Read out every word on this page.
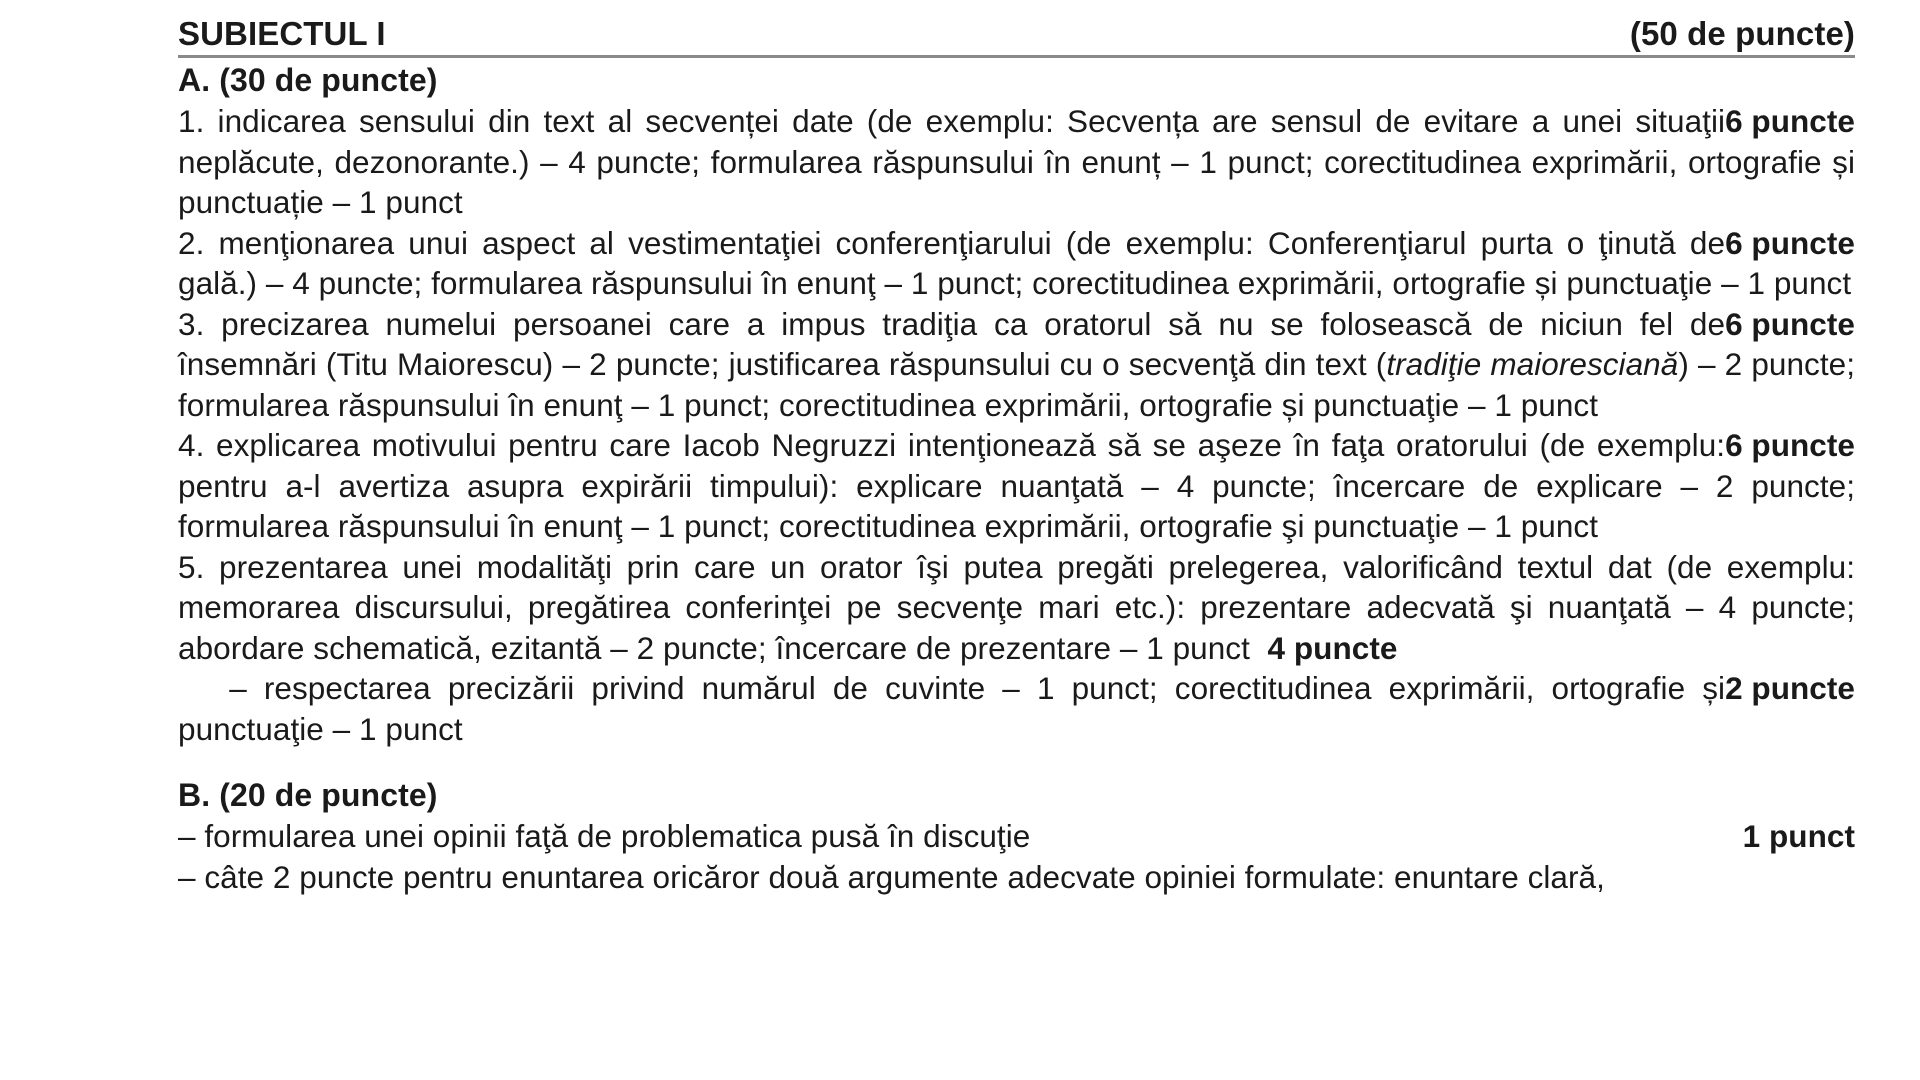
SUBIECTUL I	(50 de puncte)
A. (30 de puncte)
6 puncte
1. indicarea sensului din text al secvenței date (de exemplu: Secvența are sensul de evitare a unei situaţii neplăcute, dezonorante.) – 4 puncte; formularea răspunsului în enunț – 1 punct; corectitudinea exprimării, ortografie și punctuație – 1 punct
6 puncte
2. menţionarea unui aspect al vestimentaţiei conferenţiarului (de exemplu: Conferenţiarul purta o ţinută de gală.) – 4 puncte; formularea răspunsului în enunţ – 1 punct; corectitudinea exprimării, ortografie și punctuaţie – 1 punct
6 puncte
3. precizarea numelui persoanei care a impus tradiţia ca oratorul să nu se folosească de niciun fel de însemnări (Titu Maiorescu) – 2 puncte; justificarea răspunsului cu o secvenţă din text (tradiţie maioresciană) – 2 puncte; formularea răspunsului în enunţ – 1 punct; corectitudinea exprimării, ortografie și punctuaţie – 1 punct
6 puncte
4. explicarea motivului pentru care Iacob Negruzzi intenţionează să se aşeze în faţa oratorului (de exemplu: pentru a-l avertiza asupra expirării timpului): explicare nuanţată – 4 puncte; încercare de explicare – 2 puncte; formularea răspunsului în enunţ – 1 punct; corectitudinea exprimării, ortografie şi punctuaţie – 1 punct
5. prezentarea unei modalităţi prin care un orator îşi putea pregăti prelegerea, valorificând textul dat (de exemplu: memorarea discursului, pregătirea conferinţei pe secvenţe mari etc.): prezentare adecvată şi nuanţată – 4 puncte; abordare schematică, ezitantă – 2 puncte; încercare de prezentare – 1 punct 4 puncte
2 puncte
– respectarea precizării privind numărul de cuvinte – 1 punct; corectitudinea exprimării, ortografie și punctuaţie – 1 punct
B. (20 de puncte)
1 punct
– formularea unei opinii faţă de problematica pusă în discuţie
– câte 2 puncte pentru enuntarea oricăror două argumente adecvate opiniei formulate: enuntare clară,
